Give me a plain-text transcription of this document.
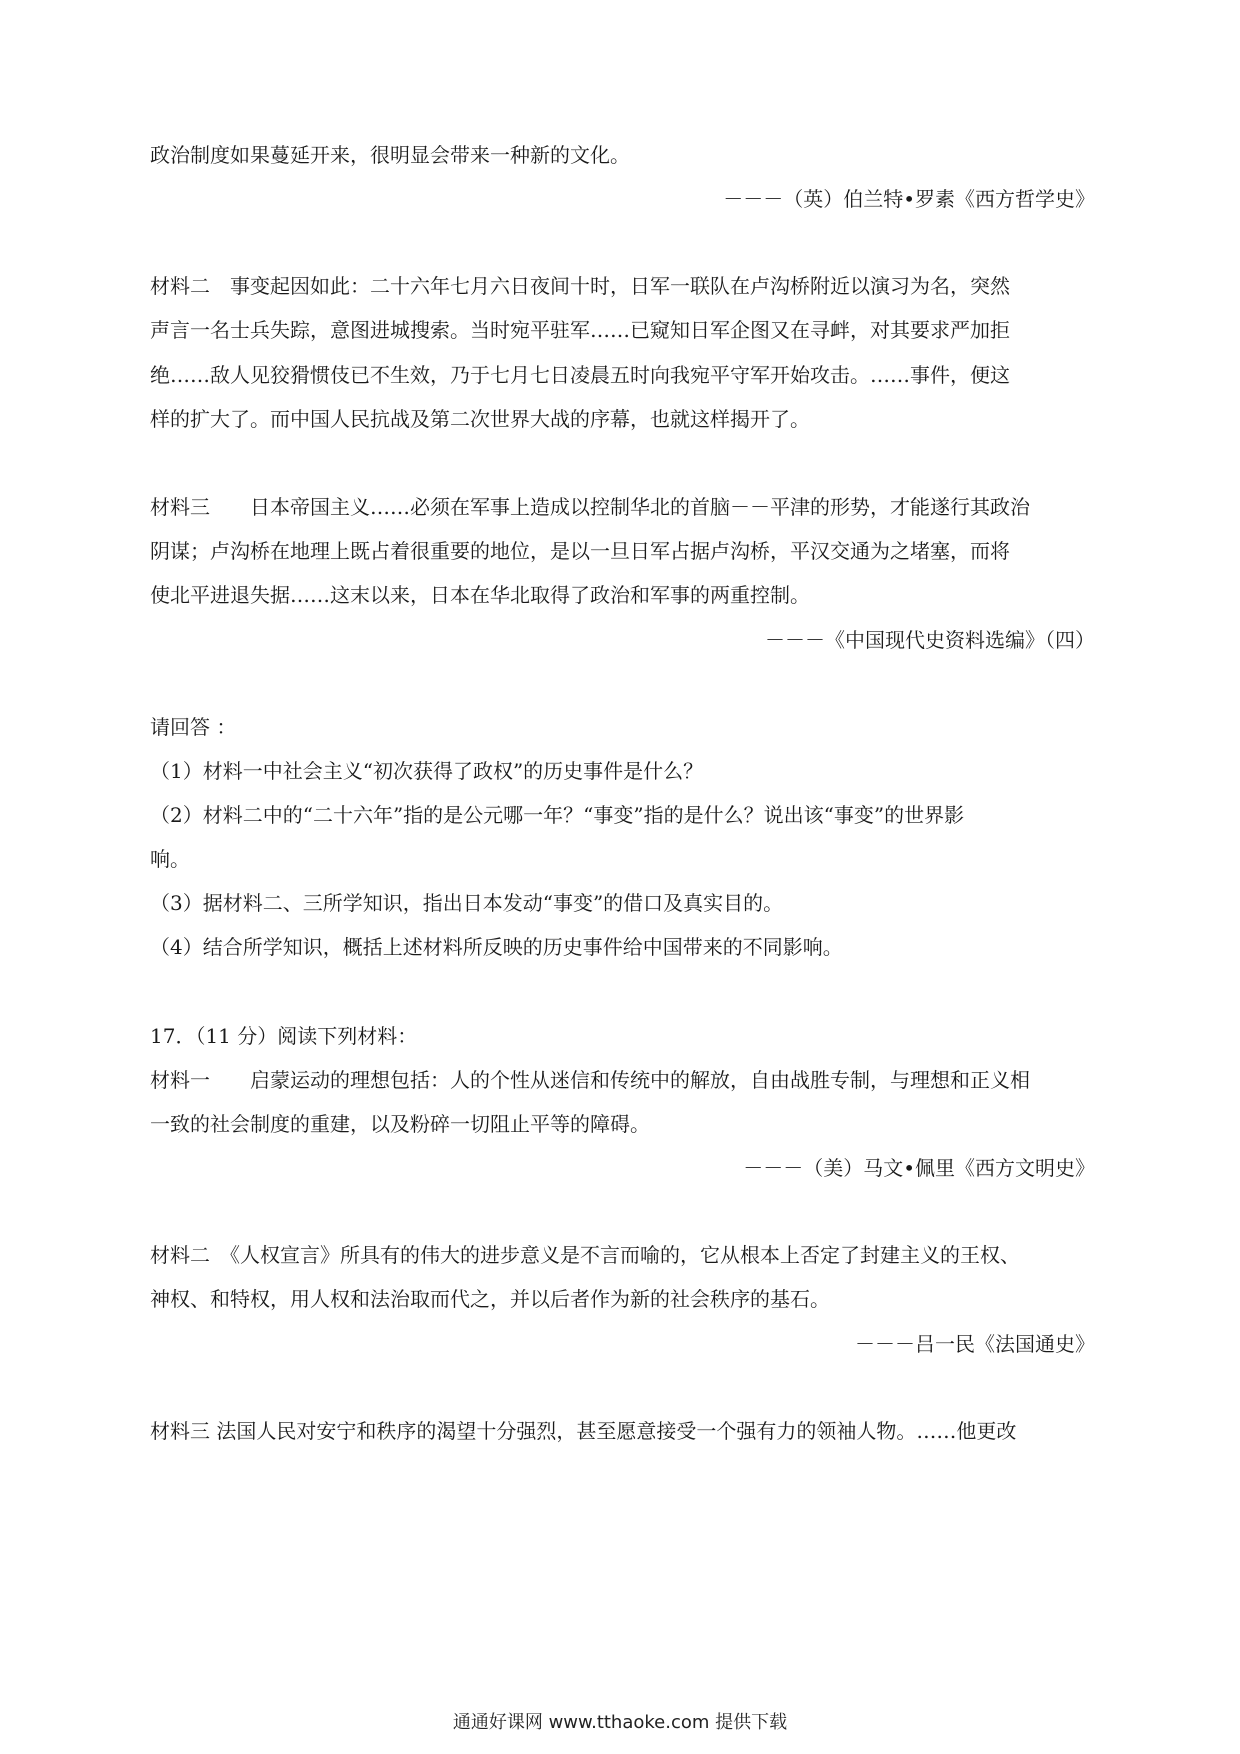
政治制度如果蔓延开来，很明显会带来一种新的文化。
－－－（英）伯兰特•罗素《西方哲学史》
材料二　事变起因如此：二十六年七月六日夜间十时，日军一联队在卢沟桥附近以演习为名，突然
声言一名士兵失踪，意图进城搜索。当时宛平驻军……已窥知日军企图又在寻衅，对其要求严加拒
绝……敌人见狡猾惯伎已不生效，乃于七月七日凌晨五时向我宛平守军开始攻击。……事件，便这
样的扩大了。而中国人民抗战及第二次世界大战的序幕，也就这样揭开了。
材料三　　日本帝国主义……必须在军事上造成以控制华北的首脑－－平津的形势，才能遂行其政治
阴谋；卢沟桥在地理上既占着很重要的地位，是以一旦日军占据卢沟桥，平汉交通为之堵塞，而将
使北平进退失据……这末以来，日本在华北取得了政治和军事的两重控制。
－－－《中国现代史资料选编》（四）
请回答 ：
（1）材料一中社会主义“初次获得了政权”的历史事件是什么？
（2）材料二中的“二十六年”指的是公元哪一年？“事变”指的是什么？说出该“事变”的世界影
响。
（3）据材料二、三所学知识，指出日本发动“事变”的借口及真实目的。
（4）结合所学知识，概括上述材料所反映的历史事件给中国带来的不同影响。
17．（11 分）阅读下列材料：
材料一　　启蒙运动的理想包括：人的个性从迷信和传统中的解放，自由战胜专制，与理想和正义相
一致的社会制度的重建，以及粉碎一切阻止平等的障碍。
－－－（美）马文•佩里《西方文明史》
材料二　《人权宣言》所具有的伟大的进步意义是不言而喻的，它从根本上否定了封建主义的王权、
神权、和特权，用人权和法治取而代之，并以后者作为新的社会秩序的基石。
－－－吕一民《法国通史》
材料三 法国人民对安宁和秩序的渴望十分强烈，甚至愿意接受一个强有力的领袖人物。……他更改
通通好课网 www.tthaoke.com 提供下载
